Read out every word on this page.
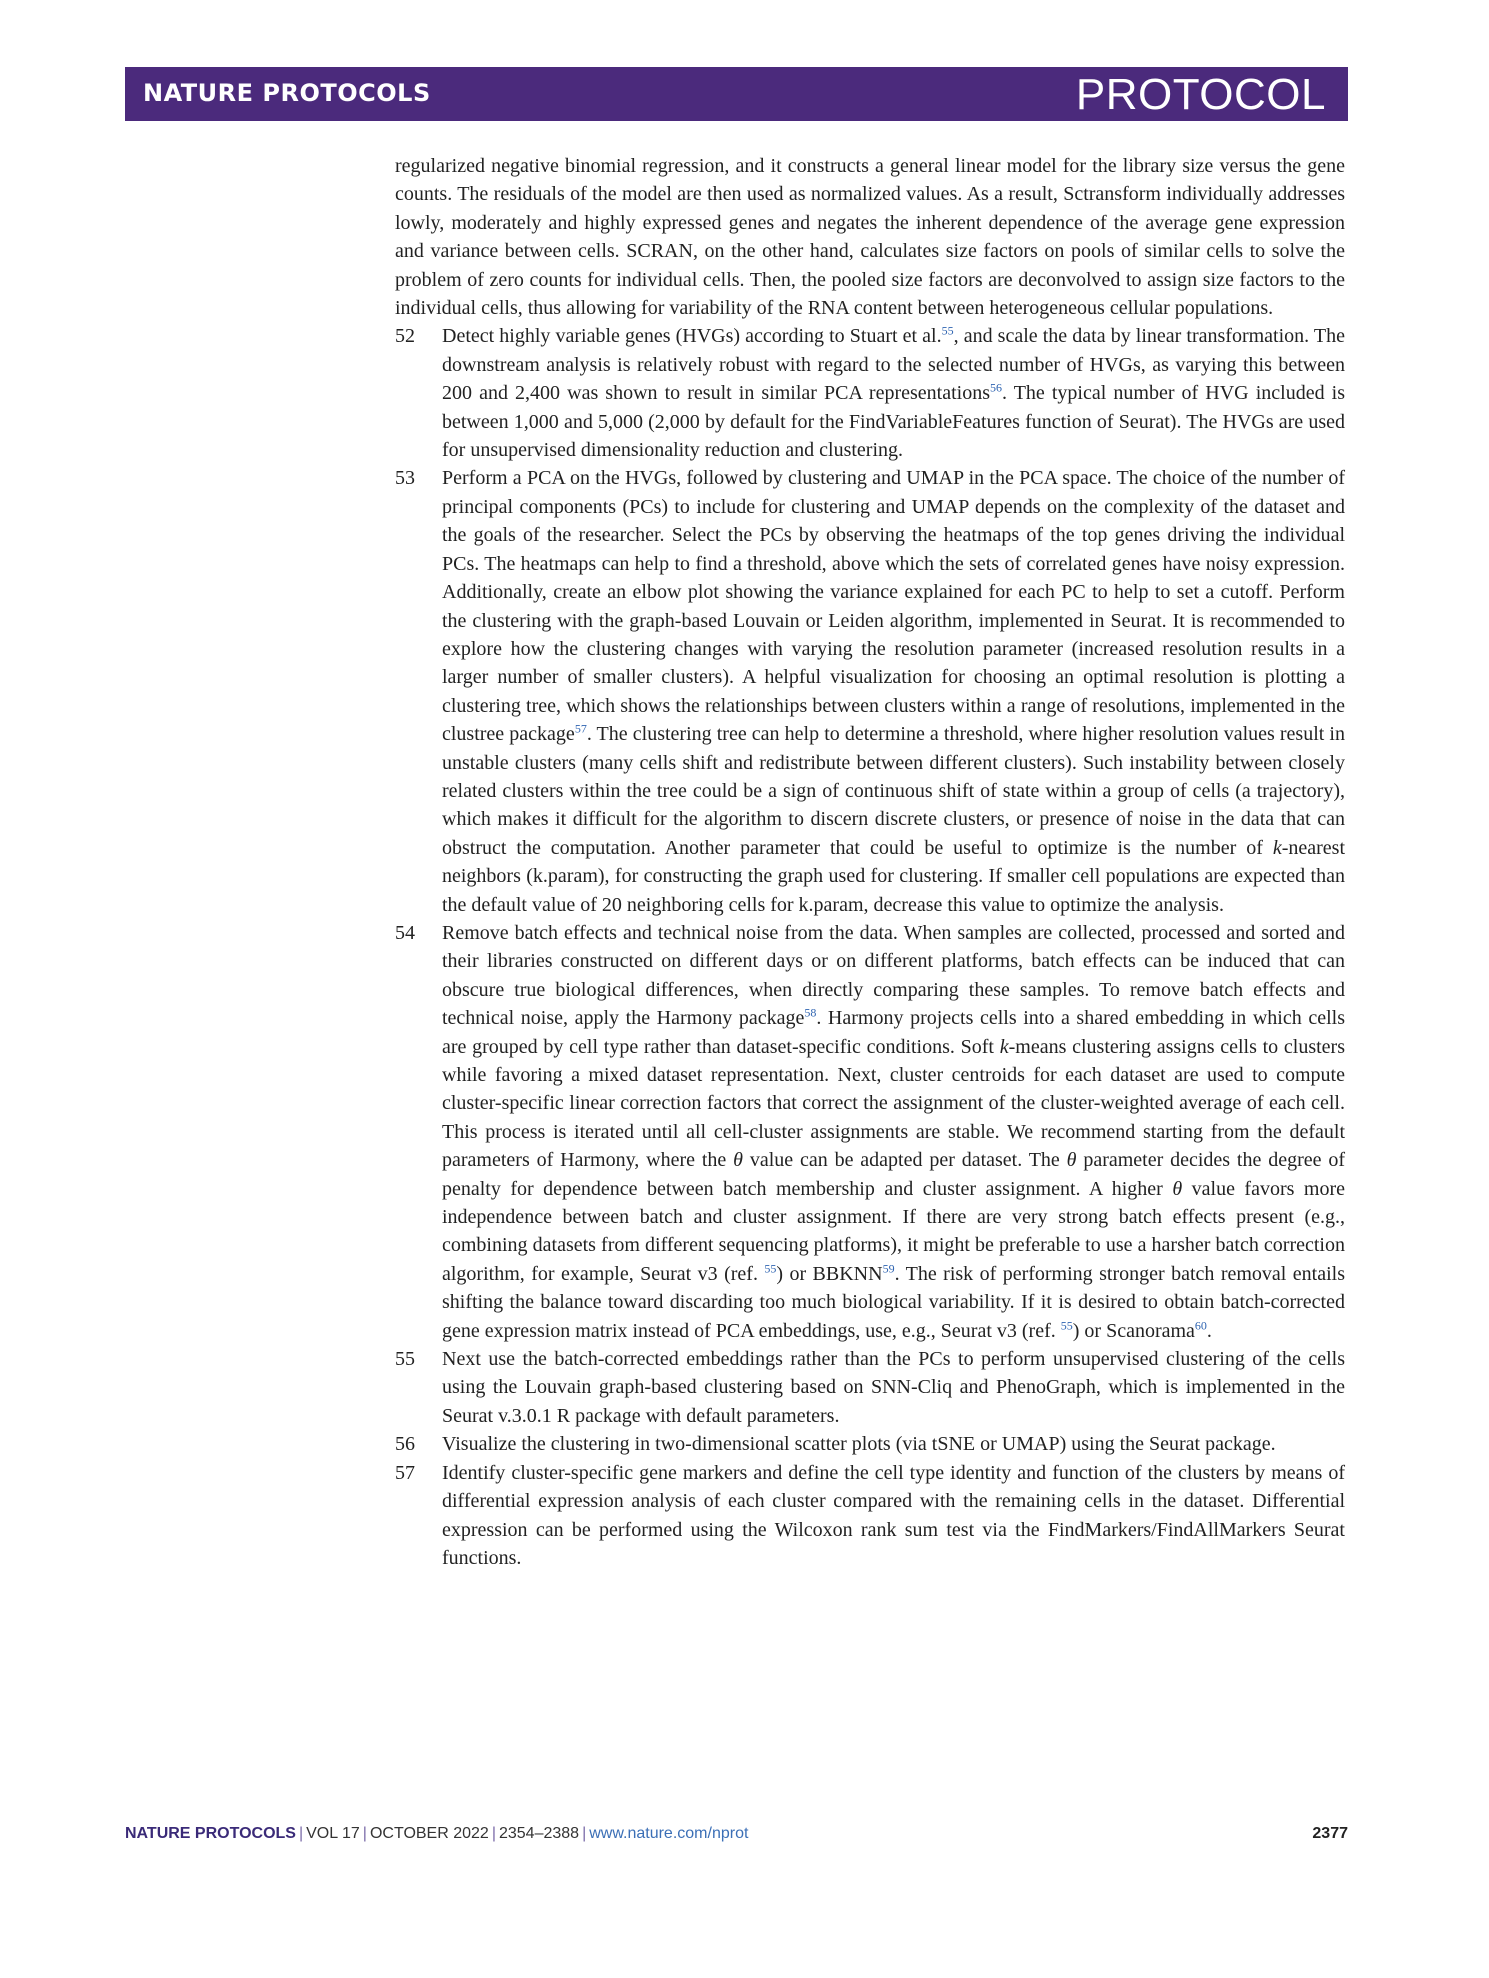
NATURE PROTOCOLS	PROTOCOL

regularized negative binomial regression, and it constructs a general linear model for the library size versus the gene counts. The residuals of the model are then used as normalized values. As a result, Sctransform individually addresses lowly, moderately and highly expressed genes and negates the inherent dependence of the average gene expression and variance between cells. SCRAN, on the other hand, calculates size factors on pools of similar cells to solve the problem of zero counts for individual cells. Then, the pooled size factors are deconvolved to assign size factors to the individual cells, thus allowing for variability of the RNA content between heterogeneous cellular populations.

52 Detect highly variable genes (HVGs) according to Stuart et al.$^{55}$, and scale the data by linear transformation. The downstream analysis is relatively robust with regard to the selected number of HVGs, as varying this between 200 and 2,400 was shown to result in similar PCA representations$^{56}$. The typical number of HVG included is between 1,000 and 5,000 (2,000 by default for the FindVariableFeatures function of Seurat). The HVGs are used for unsupervised dimensionality reduction and clustering.
53 Perform a PCA on the HVGs, followed by clustering and UMAP in the PCA space. The choice of the number of principal components (PCs) to include for clustering and UMAP depends on the complexity of the dataset and the goals of the researcher. Select the PCs by observing the heatmaps of the top genes driving the individual PCs. The heatmaps can help to find a threshold, above which the sets of correlated genes have noisy expression. Additionally, create an elbow plot showing the variance explained for each PC to help to set a cutoff. Perform the clustering with the graph-based Louvain or Leiden algorithm, implemented in Seurat. It is recommended to explore how the clustering changes with varying the resolution parameter (increased resolution results in a larger number of smaller clusters). A helpful visualization for choosing an optimal resolution is plotting a clustering tree, which shows the relationships between clusters within a range of resolutions, implemented in the clustree package$^{57}$. The clustering tree can help to determine a threshold, where higher resolution values result in unstable clusters (many cells shift and redistribute between different clusters). Such instability between closely related clusters within the tree could be a sign of continuous shift of state within a group of cells (a trajectory), which makes it difficult for the algorithm to discern discrete clusters, or presence of noise in the data that can obstruct the computation. Another parameter that could be useful to optimize is the number of k-nearest neighbors (k.param), for constructing the graph used for clustering. If smaller cell populations are expected than the default value of 20 neighboring cells for k.param, decrease this value to optimize the analysis.
54 Remove batch effects and technical noise from the data. When samples are collected, processed and sorted and their libraries constructed on different days or on different platforms, batch effects can be induced that can obscure true biological differences, when directly comparing these samples. To remove batch effects and technical noise, apply the Harmony package$^{58}$. Harmony projects cells into a shared embedding in which cells are grouped by cell type rather than dataset-specific conditions. Soft k-means clustering assigns cells to clusters while favoring a mixed dataset representation. Next, cluster centroids for each dataset are used to compute cluster-specific linear correction factors that correct the assignment of the cluster-weighted average of each cell. This process is iterated until all cell-cluster assignments are stable. We recommend starting from the default parameters of Harmony, where the θ value can be adapted per dataset. The θ parameter decides the degree of penalty for dependence between batch membership and cluster assignment. A higher θ value favors more independence between batch and cluster assignment. If there are very strong batch effects present (e.g., combining datasets from different sequencing platforms), it might be preferable to use a harsher batch correction algorithm, for example, Seurat v3 (ref. $^{55}$) or BBKNN$^{59}$. The risk of performing stronger batch removal entails shifting the balance toward discarding too much biological variability. If it is desired to obtain batch-corrected gene expression matrix instead of PCA embeddings, use, e.g., Seurat v3 (ref. $^{55}$) or Scanorama$^{60}$.
55 Next use the batch-corrected embeddings rather than the PCs to perform unsupervised clustering of the cells using the Louvain graph-based clustering based on SNN-Cliq and PhenoGraph, which is implemented in the Seurat v.3.0.1 R package with default parameters.
56 Visualize the clustering in two-dimensional scatter plots (via tSNE or UMAP) using the Seurat package.
57 Identify cluster-specific gene markers and define the cell type identity and function of the clusters by means of differential expression analysis of each cluster compared with the remaining cells in the dataset. Differential expression can be performed using the Wilcoxon rank sum test via the FindMarkers/FindAllMarkers Seurat functions.
NATURE PROTOCOLS | VOL 17 | OCTOBER 2022 | 2354–2388 | www.nature.com/nprot	2377
